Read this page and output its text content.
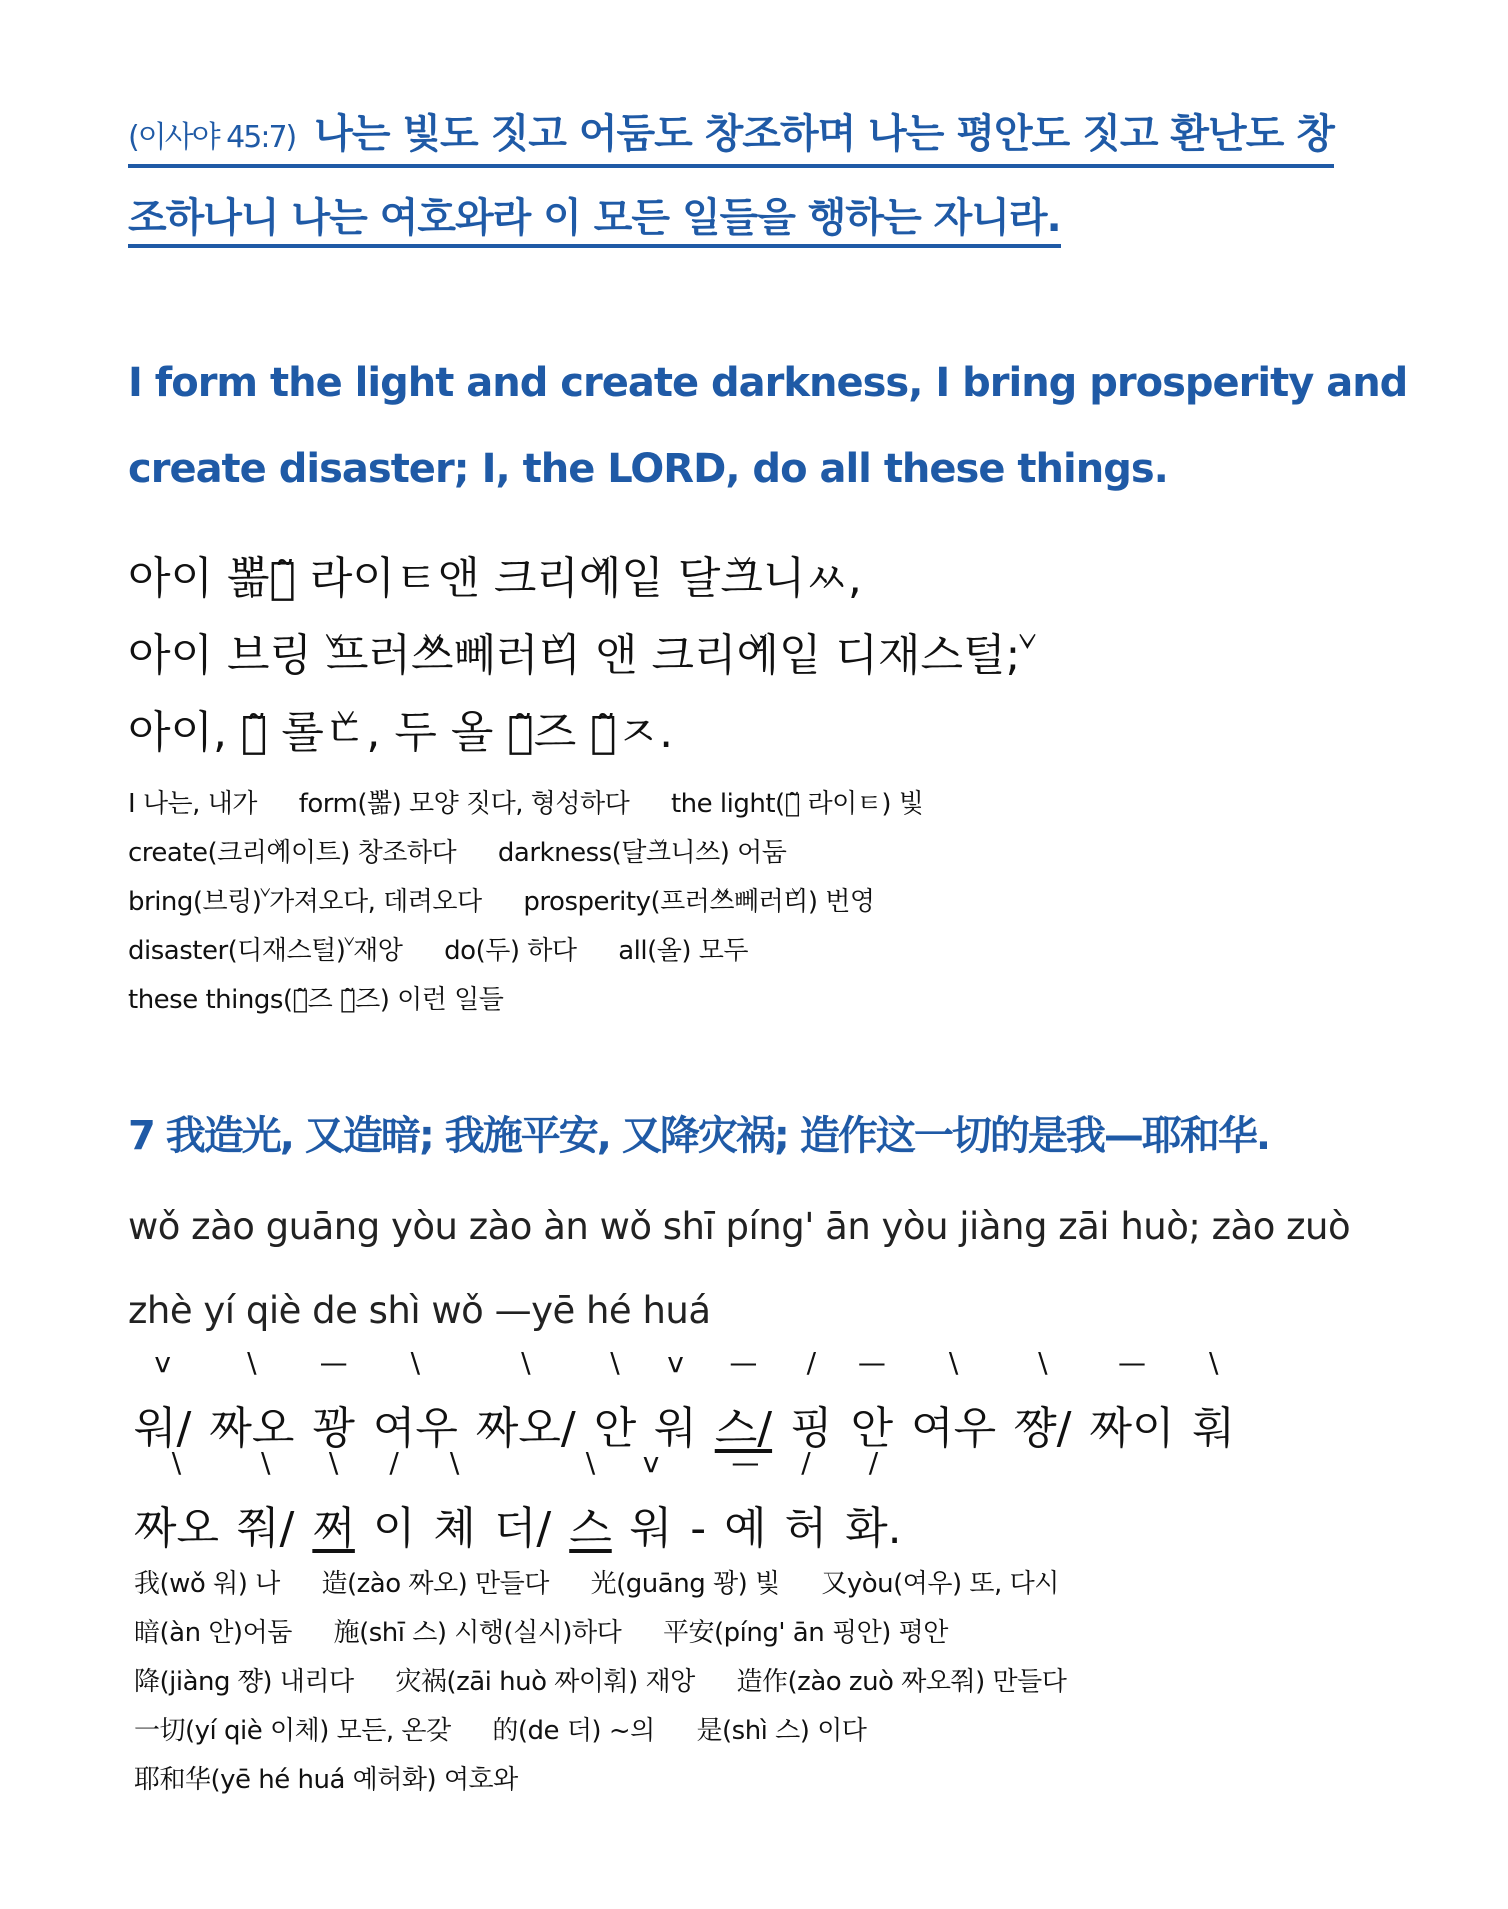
(이사야 45:7) 나는 빛도 짓고 어둠도 창조하며 나는 평안도 짓고 환난도 창
조하나니 나는 여호와라 이 모든 일들을 행하는 자니라.
I form the light and create darkness, I bring prosperity and
create disaster; I, the LORD, do all these things.
아이 뽊더̃ 라이ㅌ앤 크리̌에잍 달̌크니ㅆ,
아이 브링̌ 프러̌쓰뻬러̌티 앤 크리̌에잍 디재스털̌;
아이, 더̃ 롤̌ㄷ, 두 올 디̃즈 띵̃ㅈ.
I 나는, 내가 form(뽊) 모양 짓다, 형성하다 the light(더̃ 라이ㅌ) 빛
create(크리̌에이트) 창조하다 darkness(달̌크니쓰) 어둠
bring(브링̌) 가져오다, 데려오다 prosperity(프러̌쓰뻬러̌티) 번영
disaster(디재스털̌) 재앙 do(두) 하다 all(올) 모두
these things(디̃즈 띵̃즈) 이런 일들
7 我造光, 又造暗; 我施平安, 又降灾祸; 造作这一切的是我—耶和华.
wǒ zào guāng yòu zào àn wǒ shī píng' ān yòu jiàng zāi huò; zào zuò
zhè yí qiè de shì wǒ —yē hé huá
v
워/
\
짜오
—
꽝
\
여우
\
짜오/
\
안
v
워
—
스/
/
핑
—
안
\
여우
\
쨩/
—
짜이
\
훠
\
짜오
\
쭤/
\
쩌
/
이
\
쳬 더/
\
스
v
워 -
—
예
/
허
/
화.
我(wǒ 워) 나 造(zào 짜오) 만들다 光(guāng 꽝) 빛 又yòu(여우) 또, 다시
暗(àn 안)어둠 施(shī 스) 시행(실시)하다 平安(píng' ān 핑안) 평안
降(jiàng 쨩) 내리다 灾祸(zāi huò 짜이훠) 재앙 造作(zào zuò 짜오쭤) 만들다
一切(yí qiè 이체) 모든, 온갖 的(de 더) ~의 是(shì 스) 이다
耶和华(yē hé huá 예허화) 여호와
